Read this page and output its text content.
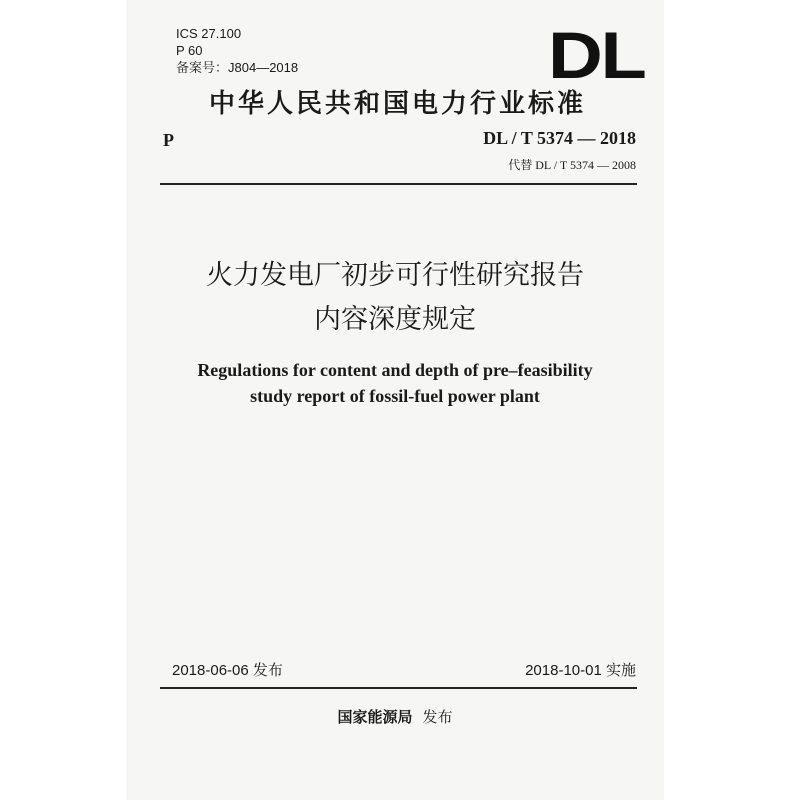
ICS 27.100
P 60
备案号：J804—2018	DL
中华人民共和国电力行业标准
P	DL / T 5374 — 2018
代替 DL / T 5374 — 2008
火力发电厂初步可行性研究报告
内容深度规定
Regulations for content and depth of pre–feasibility
study report of fossil-fuel power plant
2018-06-06 发布	2018-10-01 实施
国家能源局 发布
